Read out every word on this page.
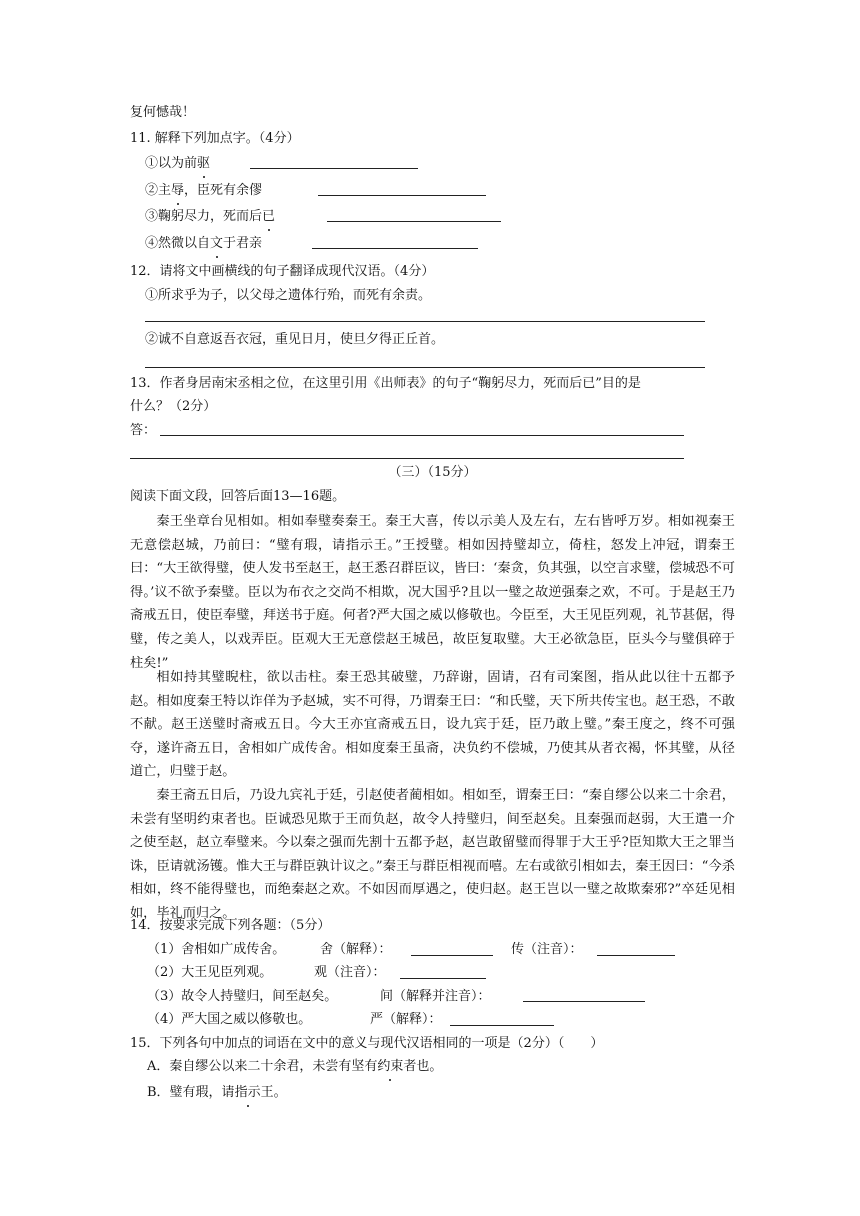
复何憾哉！
11. 解释下列加点字。（4分）
①以为前驱
②主辱，臣死有余僇
③鞠躬尽力，死而后已
④然微以自文于君亲
12．请将文中画横线的句子翻译成现代汉语。（4分）
①所求乎为子，以父母之遗体行殆，而死有余责。
②诚不自意返吾衣冠，重见日月，使旦夕得正丘首。
13．作者身居南宋丞相之位，在这里引用《出师表》的句子“鞠躬尽力，死而后已”目的是
什么？（2分）
答：
（三）（15分）
阅读下面文段，回答后面13—16题。
秦王坐章台见相如。相如奉璧奏秦王。秦王大喜，传以示美人及左右，左右皆呼万岁。相如视秦王无意偿赵城，乃前曰：“璧有瑕，请指示王。”王授璧。相如因持璧却立，倚柱，怒发上冲冠，谓秦王曰：“大王欲得璧，使人发书至赵王，赵王悉召群臣议，皆曰：‘秦贪，负其强，以空言求璧，偿城恐不可得。’议不欲予秦璧。臣以为布衣之交尚不相欺，况大国乎?且以一璧之故逆强秦之欢，不可。于是赵王乃斋戒五日，使臣奉璧，拜送书于庭。何者?严大国之威以修敬也。今臣至，大王见臣列观，礼节甚倨，得璧，传之美人，以戏弄臣。臣观大王无意偿赵王城邑，故臣复取璧。大王必欲急臣，臣头今与璧俱碎于柱矣!”
相如持其璧睨柱，欲以击柱。秦王恐其破璧，乃辞谢，固请，召有司案图，指从此以往十五都予赵。相如度秦王特以诈佯为予赵城，实不可得，乃谓秦王曰：“和氏璧，天下所共传宝也。赵王恐，不敢不献。赵王送璧时斋戒五日。今大王亦宜斋戒五日，设九宾于廷，臣乃敢上璧。”秦王度之，终不可强夺，遂许斋五日，舍相如广成传舍。相如度秦王虽斋，决负约不偿城，乃使其从者衣褐，怀其璧，从径道亡，归璧于赵。
秦王斋五日后，乃设九宾礼于廷，引赵使者蔺相如。相如至，谓秦王曰：“秦自缪公以来二十余君，未尝有坚明约束者也。臣诚恐见欺于王而负赵，故令人持璧归，间至赵矣。且秦强而赵弱，大王遣一介之使至赵，赵立奉璧来。今以秦之强而先割十五都予赵，赵岂敢留璧而得罪于大王乎?臣知欺大王之罪当诛，臣请就汤镬。惟大王与群臣孰计议之。”秦王与群臣相视而嘻。左右或欲引相如去，秦王因曰：“今杀相如，终不能得璧也，而绝秦赵之欢。不如因而厚遇之，使归赵。赵王岂以一璧之故欺秦邪?”卒廷见相如，毕礼而归之。
14．按要求完成下列各题：（5分）
（1）舍相如广成传舍。	舍（解释）：	传（注音）：
（2）大王见臣列观。	观（注音）：
（3）故令人持璧归，间至赵矣。	间（解释并注音）：
（4）严大国之威以修敬也。	严（解释）：
15．下列各句中加点的词语在文中的意义与现代汉语相同的一项是（2分）（　　）
A．秦自缪公以来二十余君，未尝有坚有约束者也。
B．璧有瑕，请指示王。
